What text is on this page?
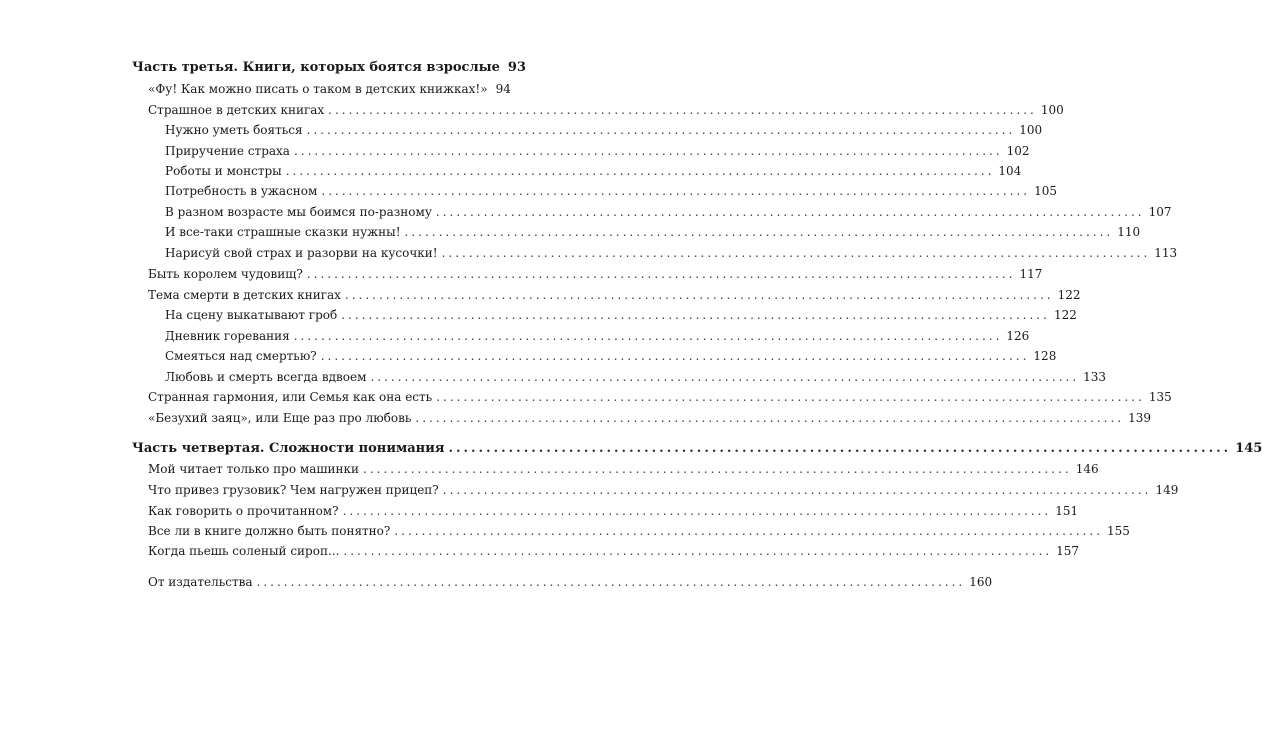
Часть третья. Книги, которых боятся взрослые 93
«Фу! Как можно писать о таком в детских книжках!» 94
Страшное в детских книгах ........................................................................................................ 100
Нужно уметь бояться ........................................................................................................ 100
Приручение страха ........................................................................................................ 102
Роботы и монстры ........................................................................................................ 104
Потребность в ужасном ........................................................................................................ 105
В разном возрасте мы боимся по-разному ........................................................................................................ 107
И все-таки страшные сказки нужны! ........................................................................................................ 110
Нарисуй свой страх и разорви на кусочки! ........................................................................................................ 113
Быть королем чудовищ? ........................................................................................................ 117
Тема смерти в детских книгах ........................................................................................................ 122
На сцену выкатывают гроб ........................................................................................................ 122
Дневник горевания ........................................................................................................ 126
Смеяться над смертью? ........................................................................................................ 128
Любовь и смерть всегда вдвоем ........................................................................................................ 133
Странная гармония, или Семья как она есть ........................................................................................................ 135
«Безухий заяц», или Еще раз про любовь ........................................................................................................ 139
Часть четвертая. Сложности понимания ........................................................................................................ 145
Мой читает только про машинки ........................................................................................................ 146
Что привез грузовик? Чем нагружен прицеп? ........................................................................................................ 149
Как говорить о прочитанном? ........................................................................................................ 151
Все ли в книге должно быть понятно? ........................................................................................................ 155
Когда пьешь соленый сироп... ........................................................................................................ 157
От издательства ........................................................................................................ 160
